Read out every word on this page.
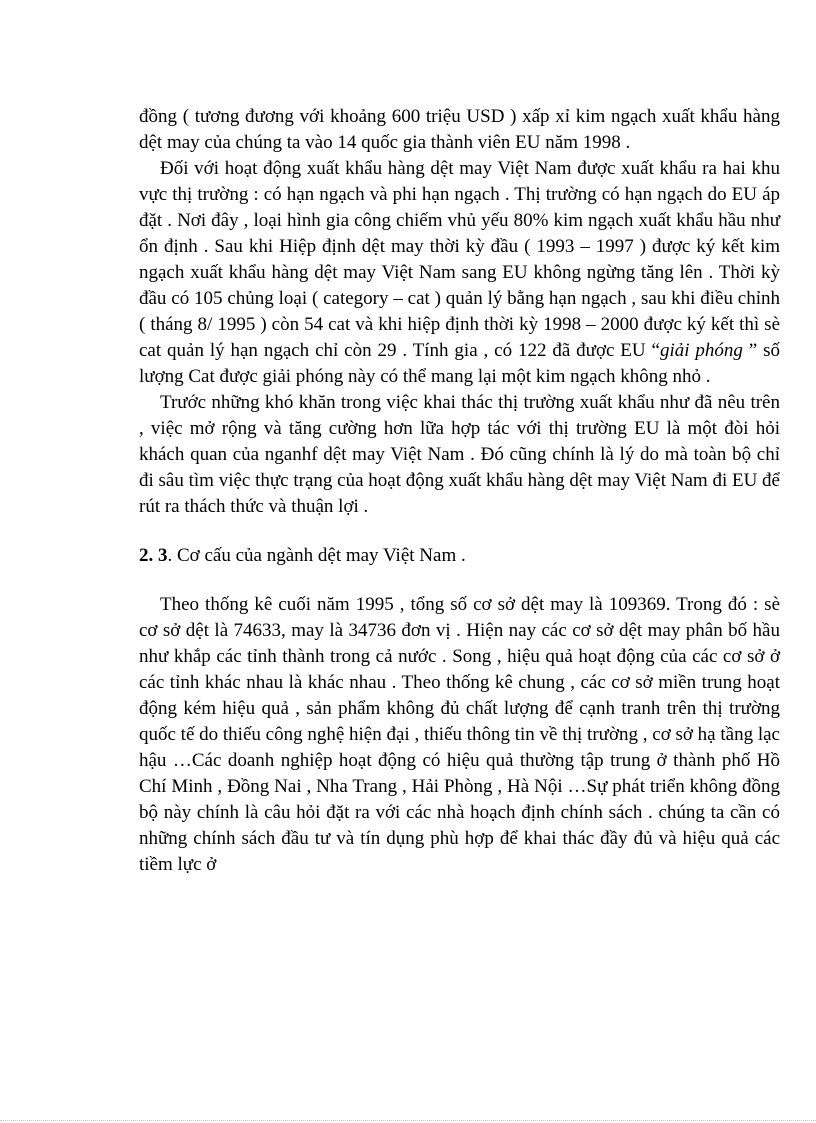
đồng ( tương đương với khoảng 600 triệu USD ) xấp xỉ kim ngạch xuất khẩu hàng dệt may của chúng ta vào 14 quốc gia thành viên EU năm 1998 .

Đối với hoạt động xuất khẩu hàng dệt may Việt Nam được xuất khẩu ra hai khu vực thị trường : có hạn ngạch và phi hạn ngạch . Thị trường có hạn ngạch do EU áp đặt . Nơi đây , loại hình gia công chiếm vhủ yếu 80% kim ngạch xuất khẩu hầu như ổn định . Sau khi Hiệp định dệt may thời kỳ đầu ( 1993 – 1997 ) được ký kết kim ngạch xuất khẩu hàng dệt may Việt Nam sang EU không ngừng tăng lên . Thời kỳ đầu có 105 chủng loại ( category – cat ) quản lý bằng hạn ngạch , sau khi điều chỉnh ( tháng 8/ 1995 ) còn 54 cat và khi hiệp định thời kỳ 1998 – 2000 được ký kết thì sè cat quản lý hạn ngạch chỉ còn 29 . Tính gia , có 122 đã được EU “giải phóng ” số lượng Cat được giải phóng này có thể mang lại một kim ngạch không nhỏ .

Trước những khó khăn trong việc khai thác thị trường xuất khẩu như đã nêu trên , việc mở rộng và tăng cường hơn lữa hợp tác với thị trường EU là một đòi hỏi khách quan của nganhf dệt may Việt Nam . Đó cũng chính là lý do mà toàn bộ chỉ đi sâu tìm việc thực trạng của hoạt động xuất khẩu hàng dệt may Việt Nam đi EU để rút ra thách thức và thuận lợi .

2. 3. Cơ cấu của ngành dệt may Việt Nam .

Theo thống kê cuối năm 1995 , tổng số cơ sở dệt may là 109369. Trong đó : sè cơ sở dệt là 74633, may là 34736 đơn vị . Hiện nay các cơ sở dệt may phân bố hầu như khắp các tỉnh thành trong cả nước . Song , hiệu quả hoạt động của các cơ sở ở các tỉnh khác nhau là khác nhau . Theo thống kê chung , các cơ sở miền trung hoạt động kém hiệu quả , sản phẩm không đủ chất lượng để cạnh tranh trên thị trường quốc tế do thiếu công nghệ hiện đại , thiếu thông tin về thị trường , cơ sở hạ tầng lạc hậu …Các doanh nghiệp hoạt động có hiệu quả thường tập trung ở thành phố Hồ Chí Minh , Đồng Nai , Nha Trang , Hải Phòng , Hà Nội …Sự phát triển không đồng bộ này chính là câu hỏi đặt ra với các nhà hoạch định chính sách . chúng ta cần có những chính sách đầu tư và tín dụng phù hợp để khai thác đầy đủ và hiệu quả các tiềm lực ở
